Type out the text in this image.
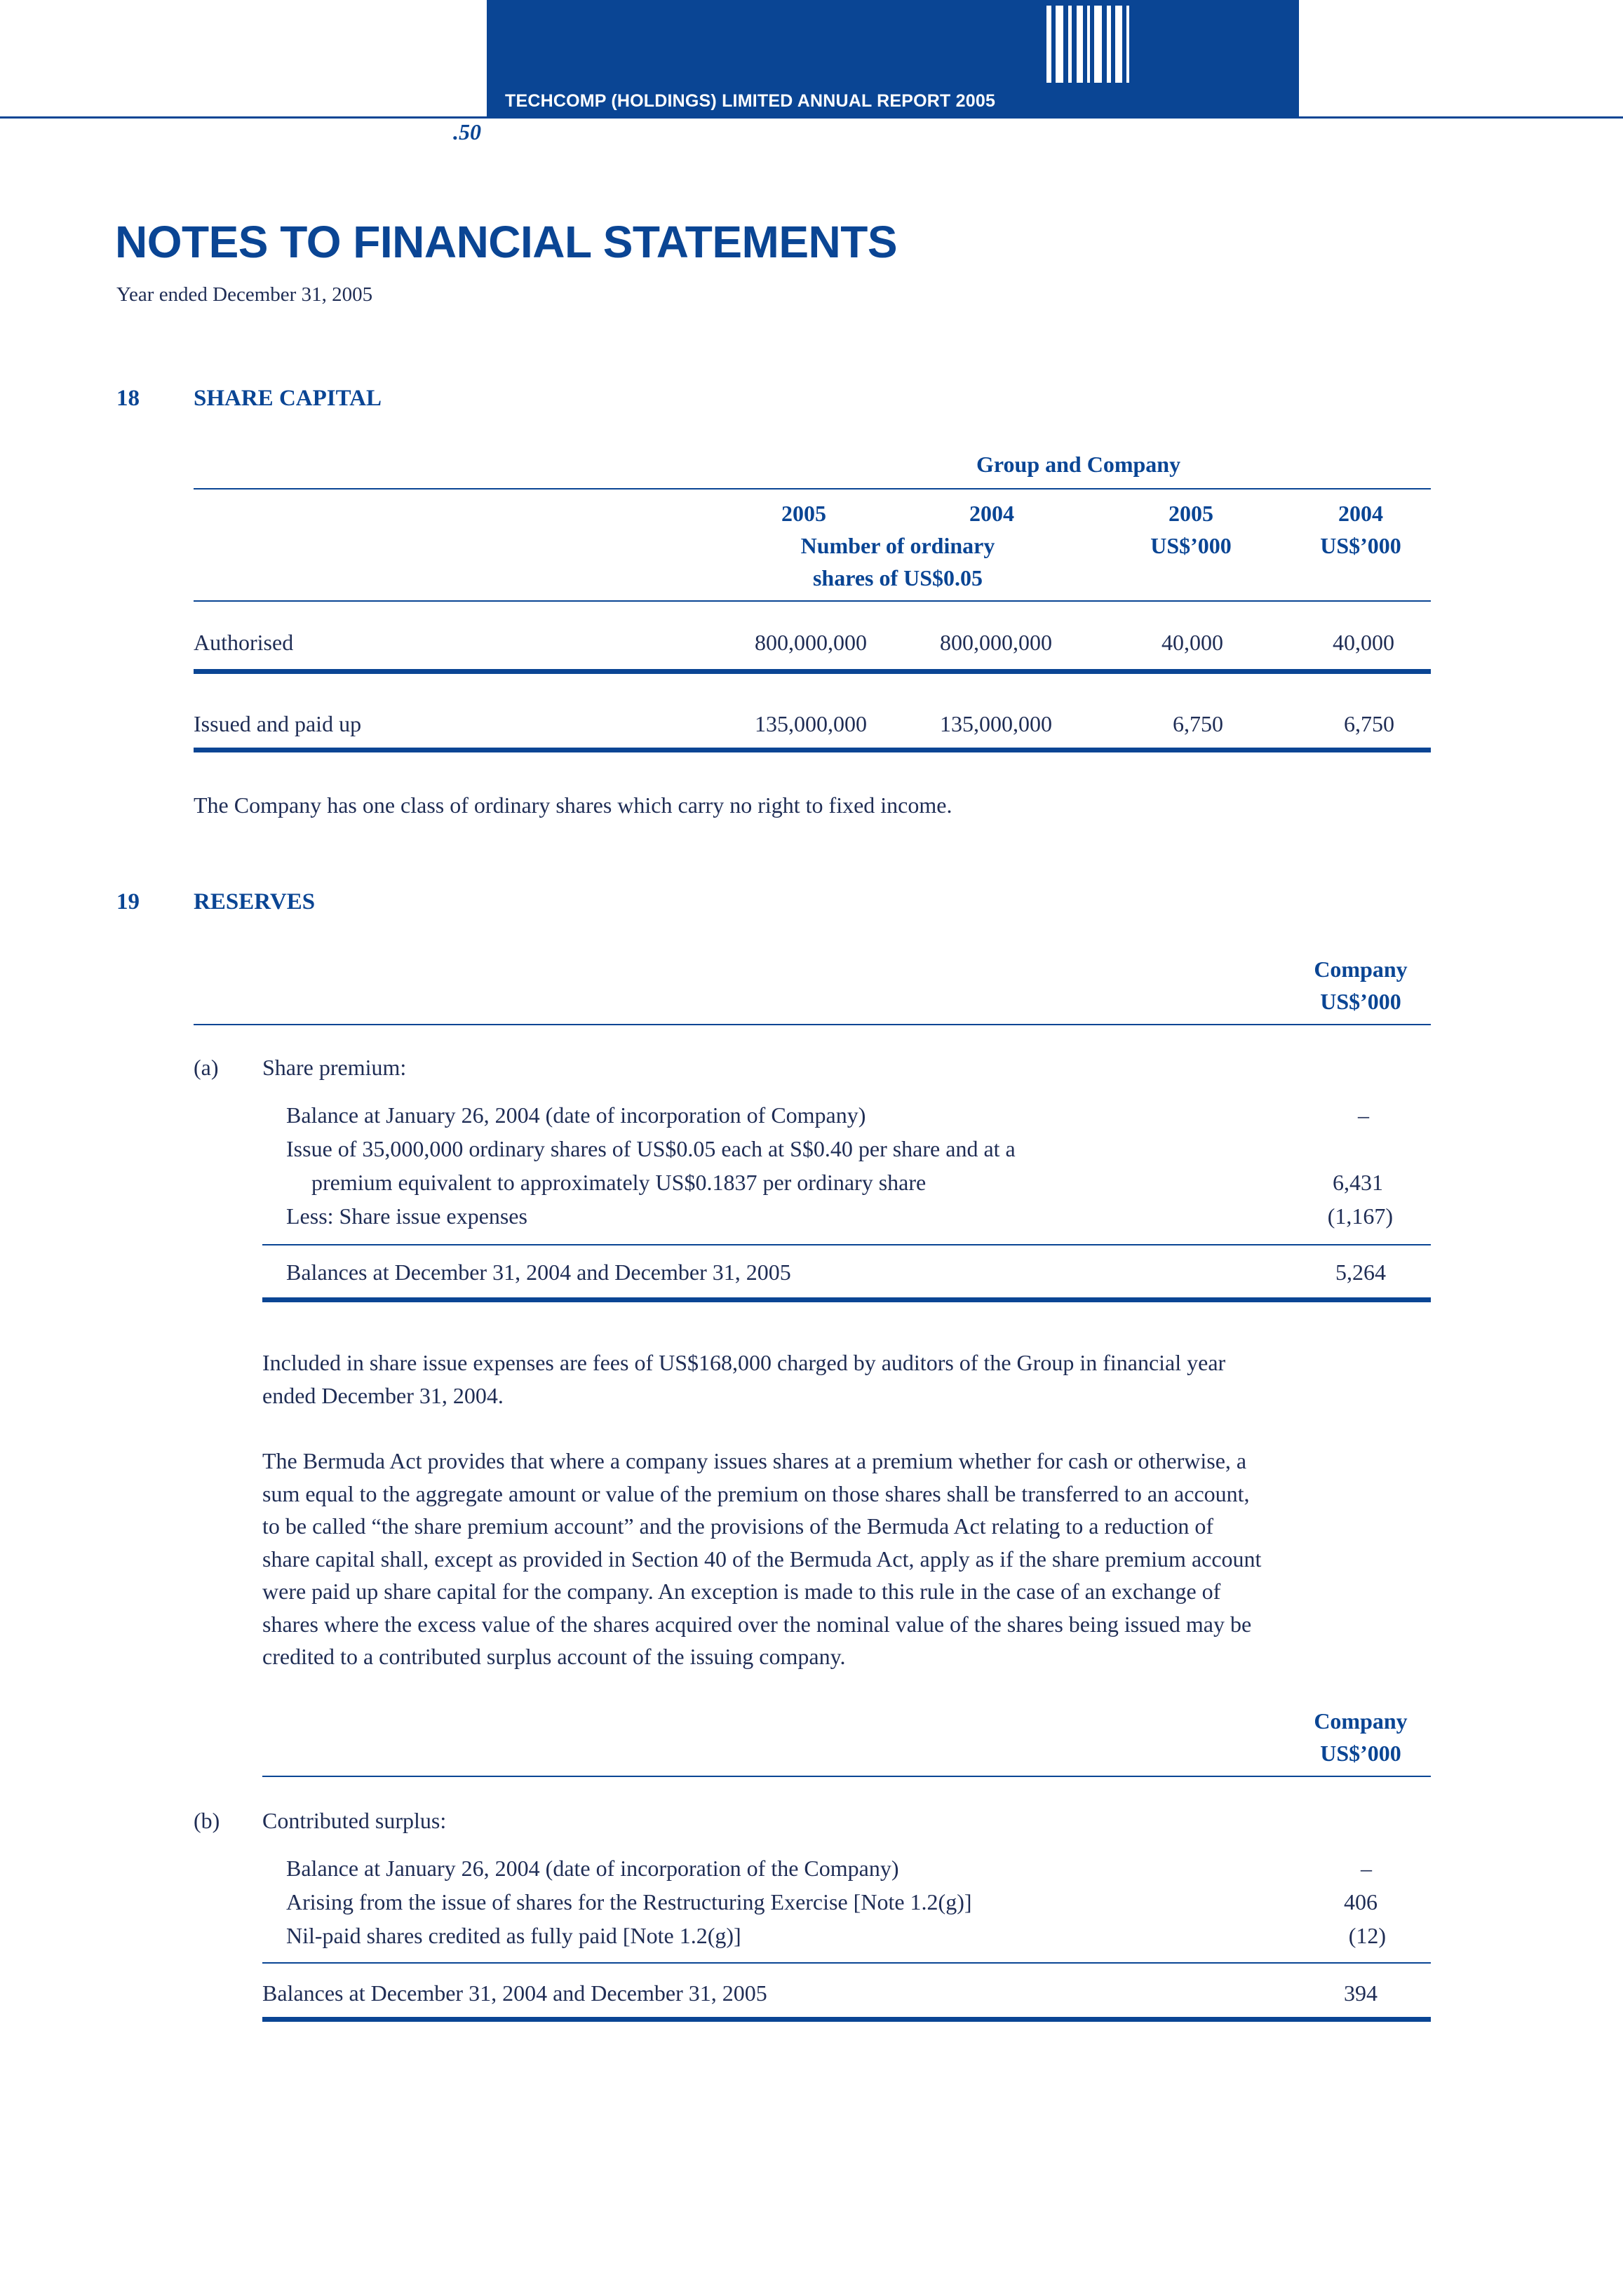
TECHCOMP (HOLDINGS) LIMITED ANNUAL REPORT 2005
.50
NOTES TO FINANCIAL STATEMENTS
Year ended December 31, 2005
18 SHARE CAPITAL
Group and Company
2005	2004	2005	2004
Number of ordinary
shares of US$0.05
US$’000	US$’000
Authorised	800,000,000	800,000,000	40,000	40,000
Issued and paid up	135,000,000	135,000,000	6,750	6,750
The Company has one class of ordinary shares which carry no right to fixed income.
19 RESERVES
Company
US$’000
(a) Share premium:
Balance at January 26, 2004 (date of incorporation of Company)	–
Issue of 35,000,000 ordinary shares of US$0.05 each at S$0.40 per share and at a
premium equivalent to approximately US$0.1837 per ordinary share	6,431
Less: Share issue expenses	(1,167)
Balances at December 31, 2004 and December 31, 2005	5,264
Included in share issue expenses are fees of US$168,000 charged by auditors of the Group in financial year
ended December 31, 2004.
The Bermuda Act provides that where a company issues shares at a premium whether for cash or otherwise, a
sum equal to the aggregate amount or value of the premium on those shares shall be transferred to an account,
to be called “the share premium account” and the provisions of the Bermuda Act relating to a reduction of
share capital shall, except as provided in Section 40 of the Bermuda Act, apply as if the share premium account
were paid up share capital for the company. An exception is made to this rule in the case of an exchange of
shares where the excess value of the shares acquired over the nominal value of the shares being issued may be
credited to a contributed surplus account of the issuing company.
Company
US$’000
(b) Contributed surplus:
Balance at January 26, 2004 (date of incorporation of the Company)	–
Arising from the issue of shares for the Restructuring Exercise [Note 1.2(g)]	406
Nil-paid shares credited as fully paid [Note 1.2(g)]	(12)
Balances at December 31, 2004 and December 31, 2005	394
